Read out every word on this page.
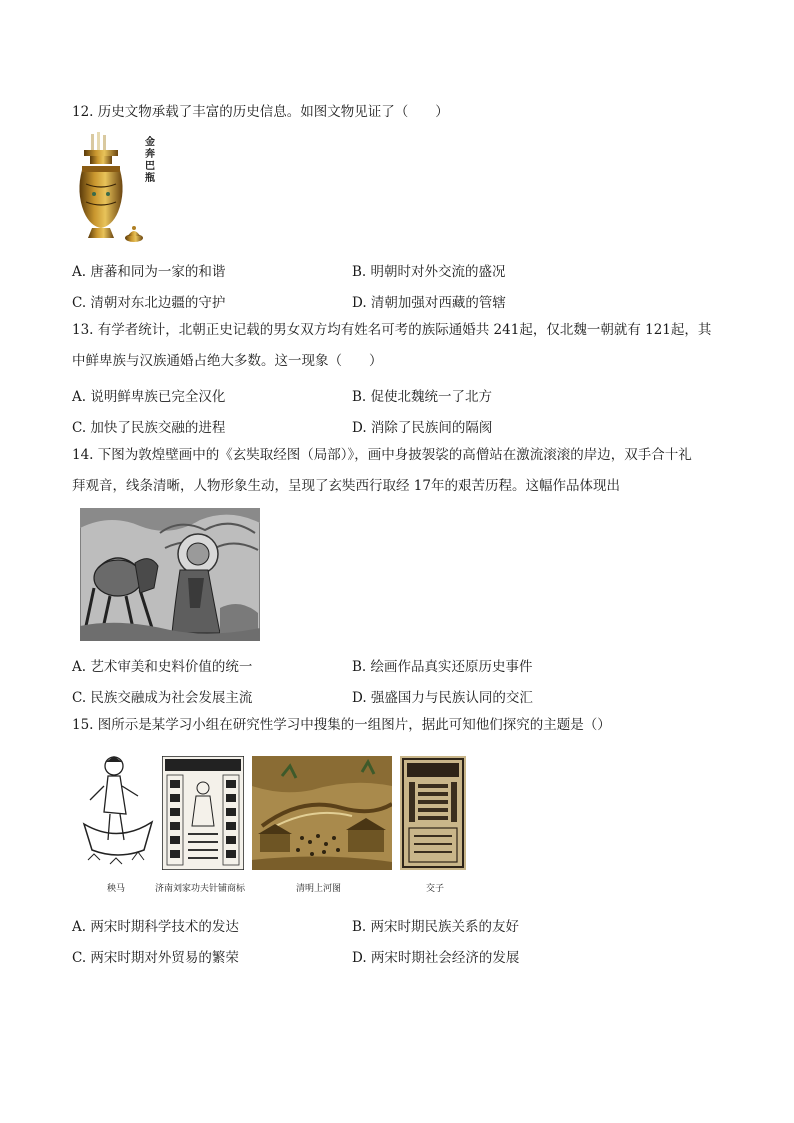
12. 历史文物承载了丰富的历史信息。如图文物见证了（　　）
金奔巴瓶
A. 唐蕃和同为一家的和谐	B. 明朝时对外交流的盛况
C. 清朝对东北边疆的守护	D. 清朝加强对西藏的管辖
13. 有学者统计，北朝正史记载的男女双方均有姓名可考的族际通婚共 241起，仅北魏一朝就有 121起，其
中鲜卑族与汉族通婚占绝大多数。这一现象（　　）
A. 说明鲜卑族已完全汉化	B. 促使北魏统一了北方
C. 加快了民族交融的进程	D. 消除了民族间的隔阂
14. 下图为敦煌壁画中的《玄奘取经图（局部）》，画中身披袈裟的高僧站在激流滚滚的岸边，双手合十礼
拜观音，线条清晰，人物形象生动，呈现了玄奘西行取经 17年的艰苦历程。这幅作品体现出
A. 艺术审美和史料价值的统一	B. 绘画作品真实还原历史事件
C. 民族交融成为社会发展主流	D. 强盛国力与民族认同的交汇
15. 图所示是某学习小组在研究性学习中搜集的一组图片，据此可知他们探究的主题是（）
秧马	济南刘家功夫针铺商标	清明上河图	交子
A. 两宋时期科学技术的发达	B. 两宋时期民族关系的友好
C. 两宋时期对外贸易的繁荣	D. 两宋时期社会经济的发展
